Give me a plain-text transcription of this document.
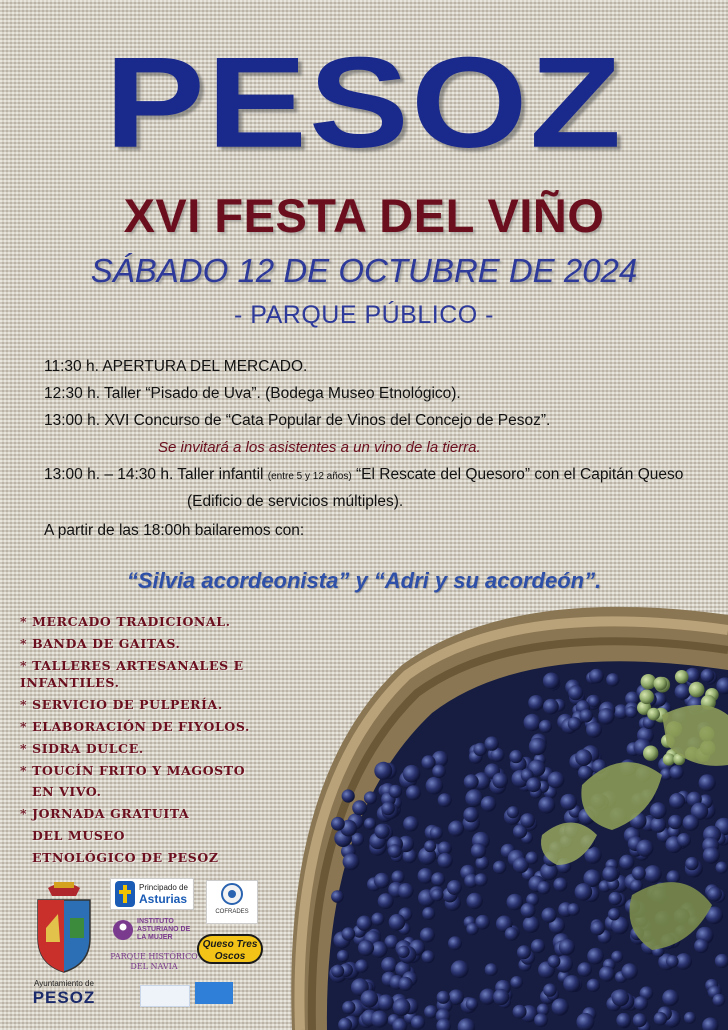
PESOZ
XVI FESTA DEL VIÑO
SÁBADO 12 DE OCTUBRE DE 2024
- PARQUE PÚBLICO -
11:30 h. APERTURA DEL MERCADO.
12:30 h. Taller “Pisado de Uva”. (Bodega Museo Etnológico).
13:00 h. XVI Concurso de “Cata Popular de Vinos del Concejo de Pesoz”.
Se invitará a los asistentes a un vino de la tierra.
13:00 h. – 14:30 h. Taller infantil (entre 5 y 12 años) “El Rescate del Quesoro” con el Capitán Queso
(Edificio de servicios múltiples).
A partir de las 18:00h bailaremos con:
“Silvia acordeonista” y “Adri y su acordeón”.
* MERCADO TRADICIONAL.
* BANDA DE GAITAS.
* TALLERES ARTESANALES E
INFANTILES.
* SERVICIO DE PULPERÍA.
* ELABORACIÓN DE FIYOLOS.
* SIDRA DULCE.
* TOUCÍN FRITO Y MAGOSTO
EN VIVO.
* JORNADA GRATUITA
DEL MUSEO
ETNOLÓGICO DE PESOZ
Ayuntamiento de
PESOZ
Principado de
Asturias
INSTITUTO ASTURIANO DE LA MUJER
PARQUE HISTÓRICO DEL NAVIA
COFRADES
Queso Tres Oscos
